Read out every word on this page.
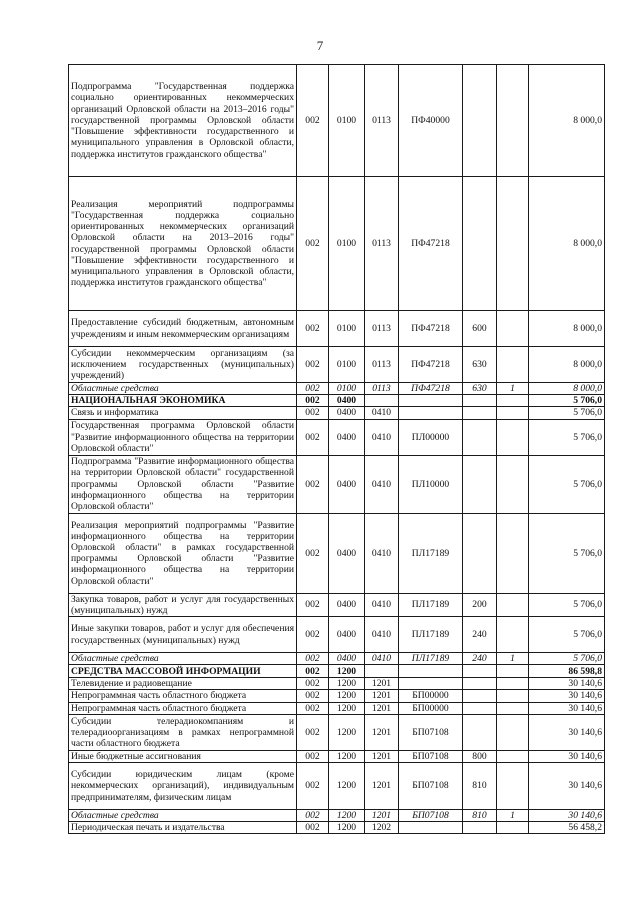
7
Подпрограмма "Государственная поддержка социально ориентированных некоммерческих организаций Орловской области на 2013–2016 годы" государственной программы Орловской области "Повышение эффективности государственного и муниципального управления в Орловской области, поддержка институтов гражданского общества"	002	0100	0113	ПФ40000			8 000,0
Реализация мероприятий подпрограммы "Государственная поддержка социально ориентированных некоммерческих организаций Орловской области на 2013–2016 годы" государственной программы Орловской области "Повышение эффективности государственного и муниципального управления в Орловской области, поддержка институтов гражданского общества"	002	0100	0113	ПФ47218			8 000,0
Предоставление субсидий бюджетным, автономным учреждениям и иным некоммерческим организациям	002	0100	0113	ПФ47218	600		8 000,0
Субсидии некоммерческим организациям (за исключением государственных (муниципальных) учреждений)	002	0100	0113	ПФ47218	630		8 000,0
Областные средства	002	0100	0113	ПФ47218	630	1	8 000,0
НАЦИОНАЛЬНАЯ ЭКОНОМИКА	002	0400					5 706,0
Связь и информатика	002	0400	0410				5 706,0
Государственная программа Орловской области "Развитие информационного общества на территории Орловской области"	002	0400	0410	ПЛ00000			5 706,0
Подпрограмма "Развитие информационного общества на территории Орловской области" государственной программы Орловской области "Развитие информационного общества на территории Орловской области"	002	0400	0410	ПЛ10000			5 706,0
Реализация мероприятий подпрограммы "Развитие информационного общества на территории Орловской области" в рамках государственной программы Орловской области "Развитие информационного общества на территории Орловской области"	002	0400	0410	ПЛ17189			5 706,0
Закупка товаров, работ и услуг для государственных (муниципальных) нужд	002	0400	0410	ПЛ17189	200		5 706,0
Иные закупки товаров, работ и услуг для обеспечения государственных (муниципальных) нужд	002	0400	0410	ПЛ17189	240		5 706,0
Областные средства	002	0400	0410	ПЛ17189	240	1	5 706,0
СРЕДСТВА МАССОВОЙ ИНФОРМАЦИИ	002	1200					86 598,8
Телевидение и радиовещание	002	1200	1201				30 140,6
Непрограммная часть областного бюджета	002	1200	1201	БП00000			30 140,6
Непрограммная часть областного бюджета	002	1200	1201	БП00000			30 140,6
Субсидии телерадиокомпаниям и телерадиоорганизациям в рамках непрограммной части областного бюджета	002	1200	1201	БП07108			30 140,6
Иные бюджетные ассигнования	002	1200	1201	БП07108	800		30 140,6
Субсидии юридическим лицам (кроме некоммерческих организаций), индивидуальным предпринимателям, физическим лицам	002	1200	1201	БП07108	810		30 140,6
Областные средства	002	1200	1201	БП07108	810	1	30 140,6
Периодическая печать и издательства	002	1200	1202				56 458,2
